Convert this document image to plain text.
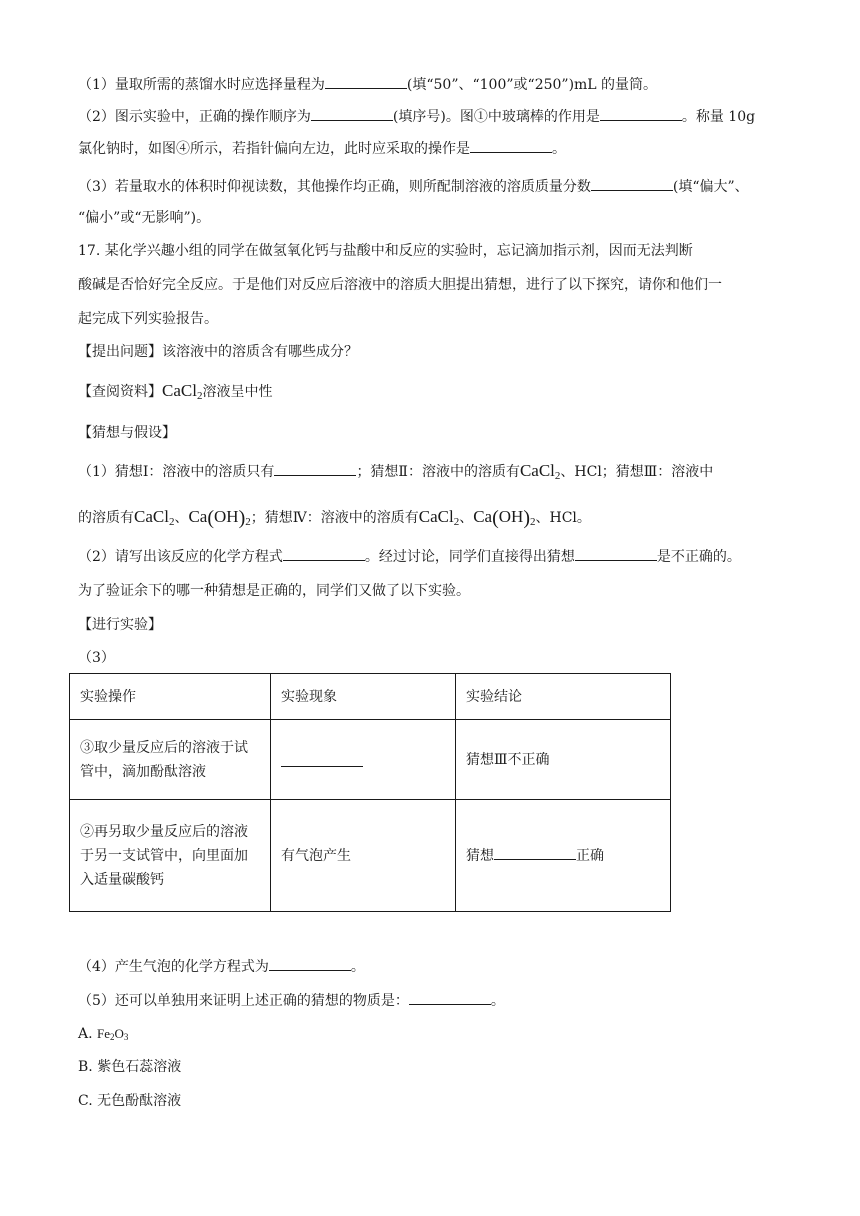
（1）量取所需的蒸馏水时应选择量程为	(填“50”、“100”或“250”)mL 的量筒。
（2）图示实验中，正确的操作顺序为	(填序号)。图①中玻璃棒的作用是	。称量 10g
氯化钠时，如图④所示，若指针偏向左边，此时应采取的操作是	。
（3）若量取水的体积时仰视读数，其他操作均正确，则所配制溶液的溶质质量分数	(填“偏大”、
“偏小”或“无影响”)。
17. 某化学兴趣小组的同学在做氢氧化钙与盐酸中和反应的实验时，忘记滴加指示剂，因而无法判断
酸碱是否恰好完全反应。于是他们对反应后溶液中的溶质大胆提出猜想，进行了以下探究，请你和他们一
起完成下列实验报告。
【提出问题】该溶液中的溶质含有哪些成分？
【查阅资料】CaCl$_2$溶液呈中性
【猜想与假设】
（1）猜想Ⅰ：溶液中的溶质只有	；猜想Ⅱ：溶液中的溶质有CaCl$_2$、HCl；猜想Ⅲ：溶液中
的溶质有CaCl$_2$、$Ca(OH)_2$；猜想Ⅳ：溶液中的溶质有CaCl$_2$、$Ca(OH)_2$、HCl。
（2）请写出该反应的化学方程式	。经过讨论，同学们直接得出猜想	是不正确的。
为了验证余下的哪一种猜想是正确的，同学们又做了以下实验。
【进行实验】
（3）
实验操作	实验现象	实验结论

③取少量反应后的溶液于试
管中，滴加酚酞溶液		猜想Ⅲ不正确

②再另取少量反应后的溶液
于另一支试管中，向里面加
入适量碳酸钙	有气泡产生	猜想 正确
（4）产生气泡的化学方程式为	。
（5）还可以单独用来证明上述正确的猜想的物质是：	。
A. $Fe_2O_3$
B. 紫色石蕊溶液
C. 无色酚酞溶液
